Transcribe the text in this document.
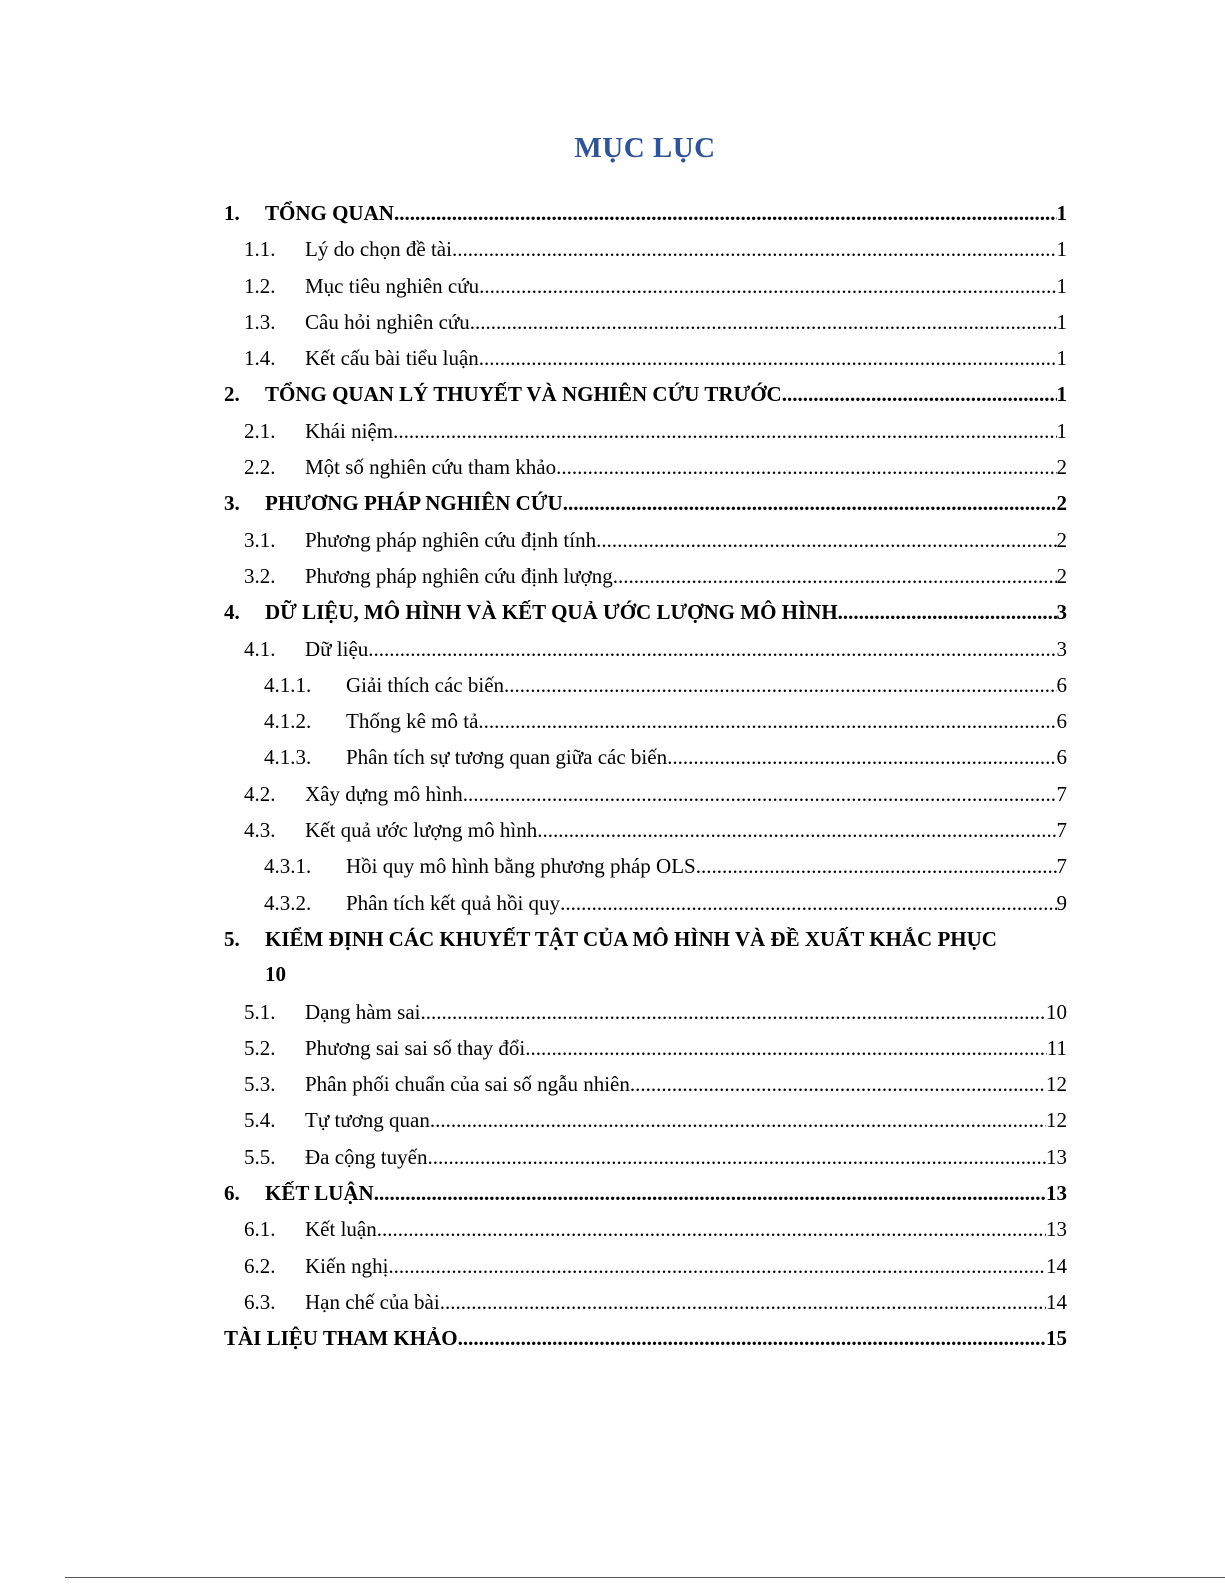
MỤC LỤC
1.	TỔNG QUAN .....	1
1.1.	Lý do chọn đề tài .....	1
1.2.	Mục tiêu nghiên cứu .....	1
1.3.	Câu hỏi nghiên cứu .....	1
1.4.	Kết cấu bài tiểu luận .....	1
2.	TỔNG QUAN LÝ THUYẾT VÀ NGHIÊN CỨU TRƯỚC .....	1
2.1.	Khái niệm .....	1
2.2.	Một số nghiên cứu tham khảo .....	2
3.	PHƯƠNG PHÁP NGHIÊN CỨU .....	2
3.1.	Phương pháp nghiên cứu định tính .....	2
3.2.	Phương pháp nghiên cứu định lượng .....	2
4.	DỮ LIỆU, MÔ HÌNH VÀ KẾT QUẢ ƯỚC LƯỢNG MÔ HÌNH .....	3
4.1.	Dữ liệu .....	3
4.1.1.	Giải thích các biến .....	6
4.1.2.	Thống kê mô tả .....	6
4.1.3.	Phân tích sự tương quan giữa các biến .....	6
4.2.	Xây dựng mô hình .....	7
4.3.	Kết quả ước lượng mô hình .....	7
4.3.1.	Hồi quy mô hình bằng phương pháp OLS .....	7
4.3.2.	Phân tích kết quả hồi quy .....	9
5.	KIỂM ĐỊNH CÁC KHUYẾT TẬT CỦA MÔ HÌNH VÀ ĐỀ XUẤT KHẮC PHỤC
10
5.1.	Dạng hàm sai .....	10
5.2.	Phương sai sai số thay đổi .....	11
5.3.	Phân phối chuẩn của sai số ngẫu nhiên .....	12
5.4.	Tự tương quan .....	12
5.5.	Đa cộng tuyến .....	13
6.	KẾT LUẬN .....	13
6.1.	Kết luận .....	13
6.2.	Kiến nghị .....	14
6.3.	Hạn chế của bài .....	14
TÀI LIỆU THAM KHẢO .....	15
